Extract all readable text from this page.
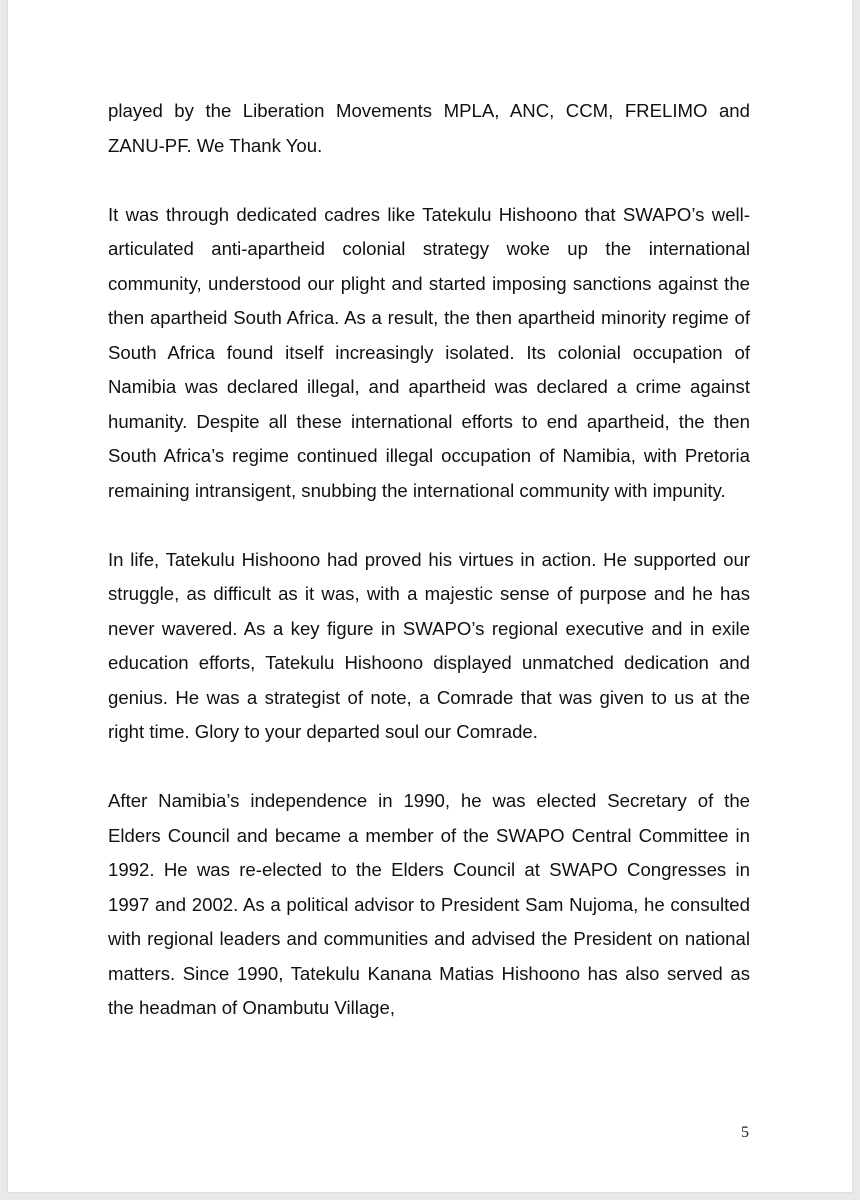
played by the Liberation Movements MPLA, ANC, CCM, FRELIMO and ZANU-PF. We Thank You.

It was through dedicated cadres like Tatekulu Hishoono that SWAPO’s well-articulated anti-apartheid colonial strategy woke up the international community, understood our plight and started imposing sanctions against the then apartheid South Africa. As a result, the then apartheid minority regime of South Africa found itself increasingly isolated. Its colonial occupation of Namibia was declared illegal, and apartheid was declared a crime against humanity. Despite all these international efforts to end apartheid, the then South Africa’s regime continued illegal occupation of Namibia, with Pretoria remaining intransigent, snubbing the international community with impunity.

In life, Tatekulu Hishoono had proved his virtues in action. He supported our struggle, as difficult as it was, with a majestic sense of purpose and he has never wavered. As a key figure in SWAPO’s regional executive and in exile education efforts, Tatekulu Hishoono displayed unmatched dedication and genius. He was a strategist of note, a Comrade that was given to us at the right time. Glory to your departed soul our Comrade.

After Namibia’s independence in 1990, he was elected Secretary of the Elders Council and became a member of the SWAPO Central Committee in 1992. He was re-elected to the Elders Council at SWAPO Congresses in 1997 and 2002. As a political advisor to President Sam Nujoma, he consulted with regional leaders and communities and advised the President on national matters. Since 1990, Tatekulu Kanana Matias Hishoono has also served as the headman of Onambutu Village,

5
